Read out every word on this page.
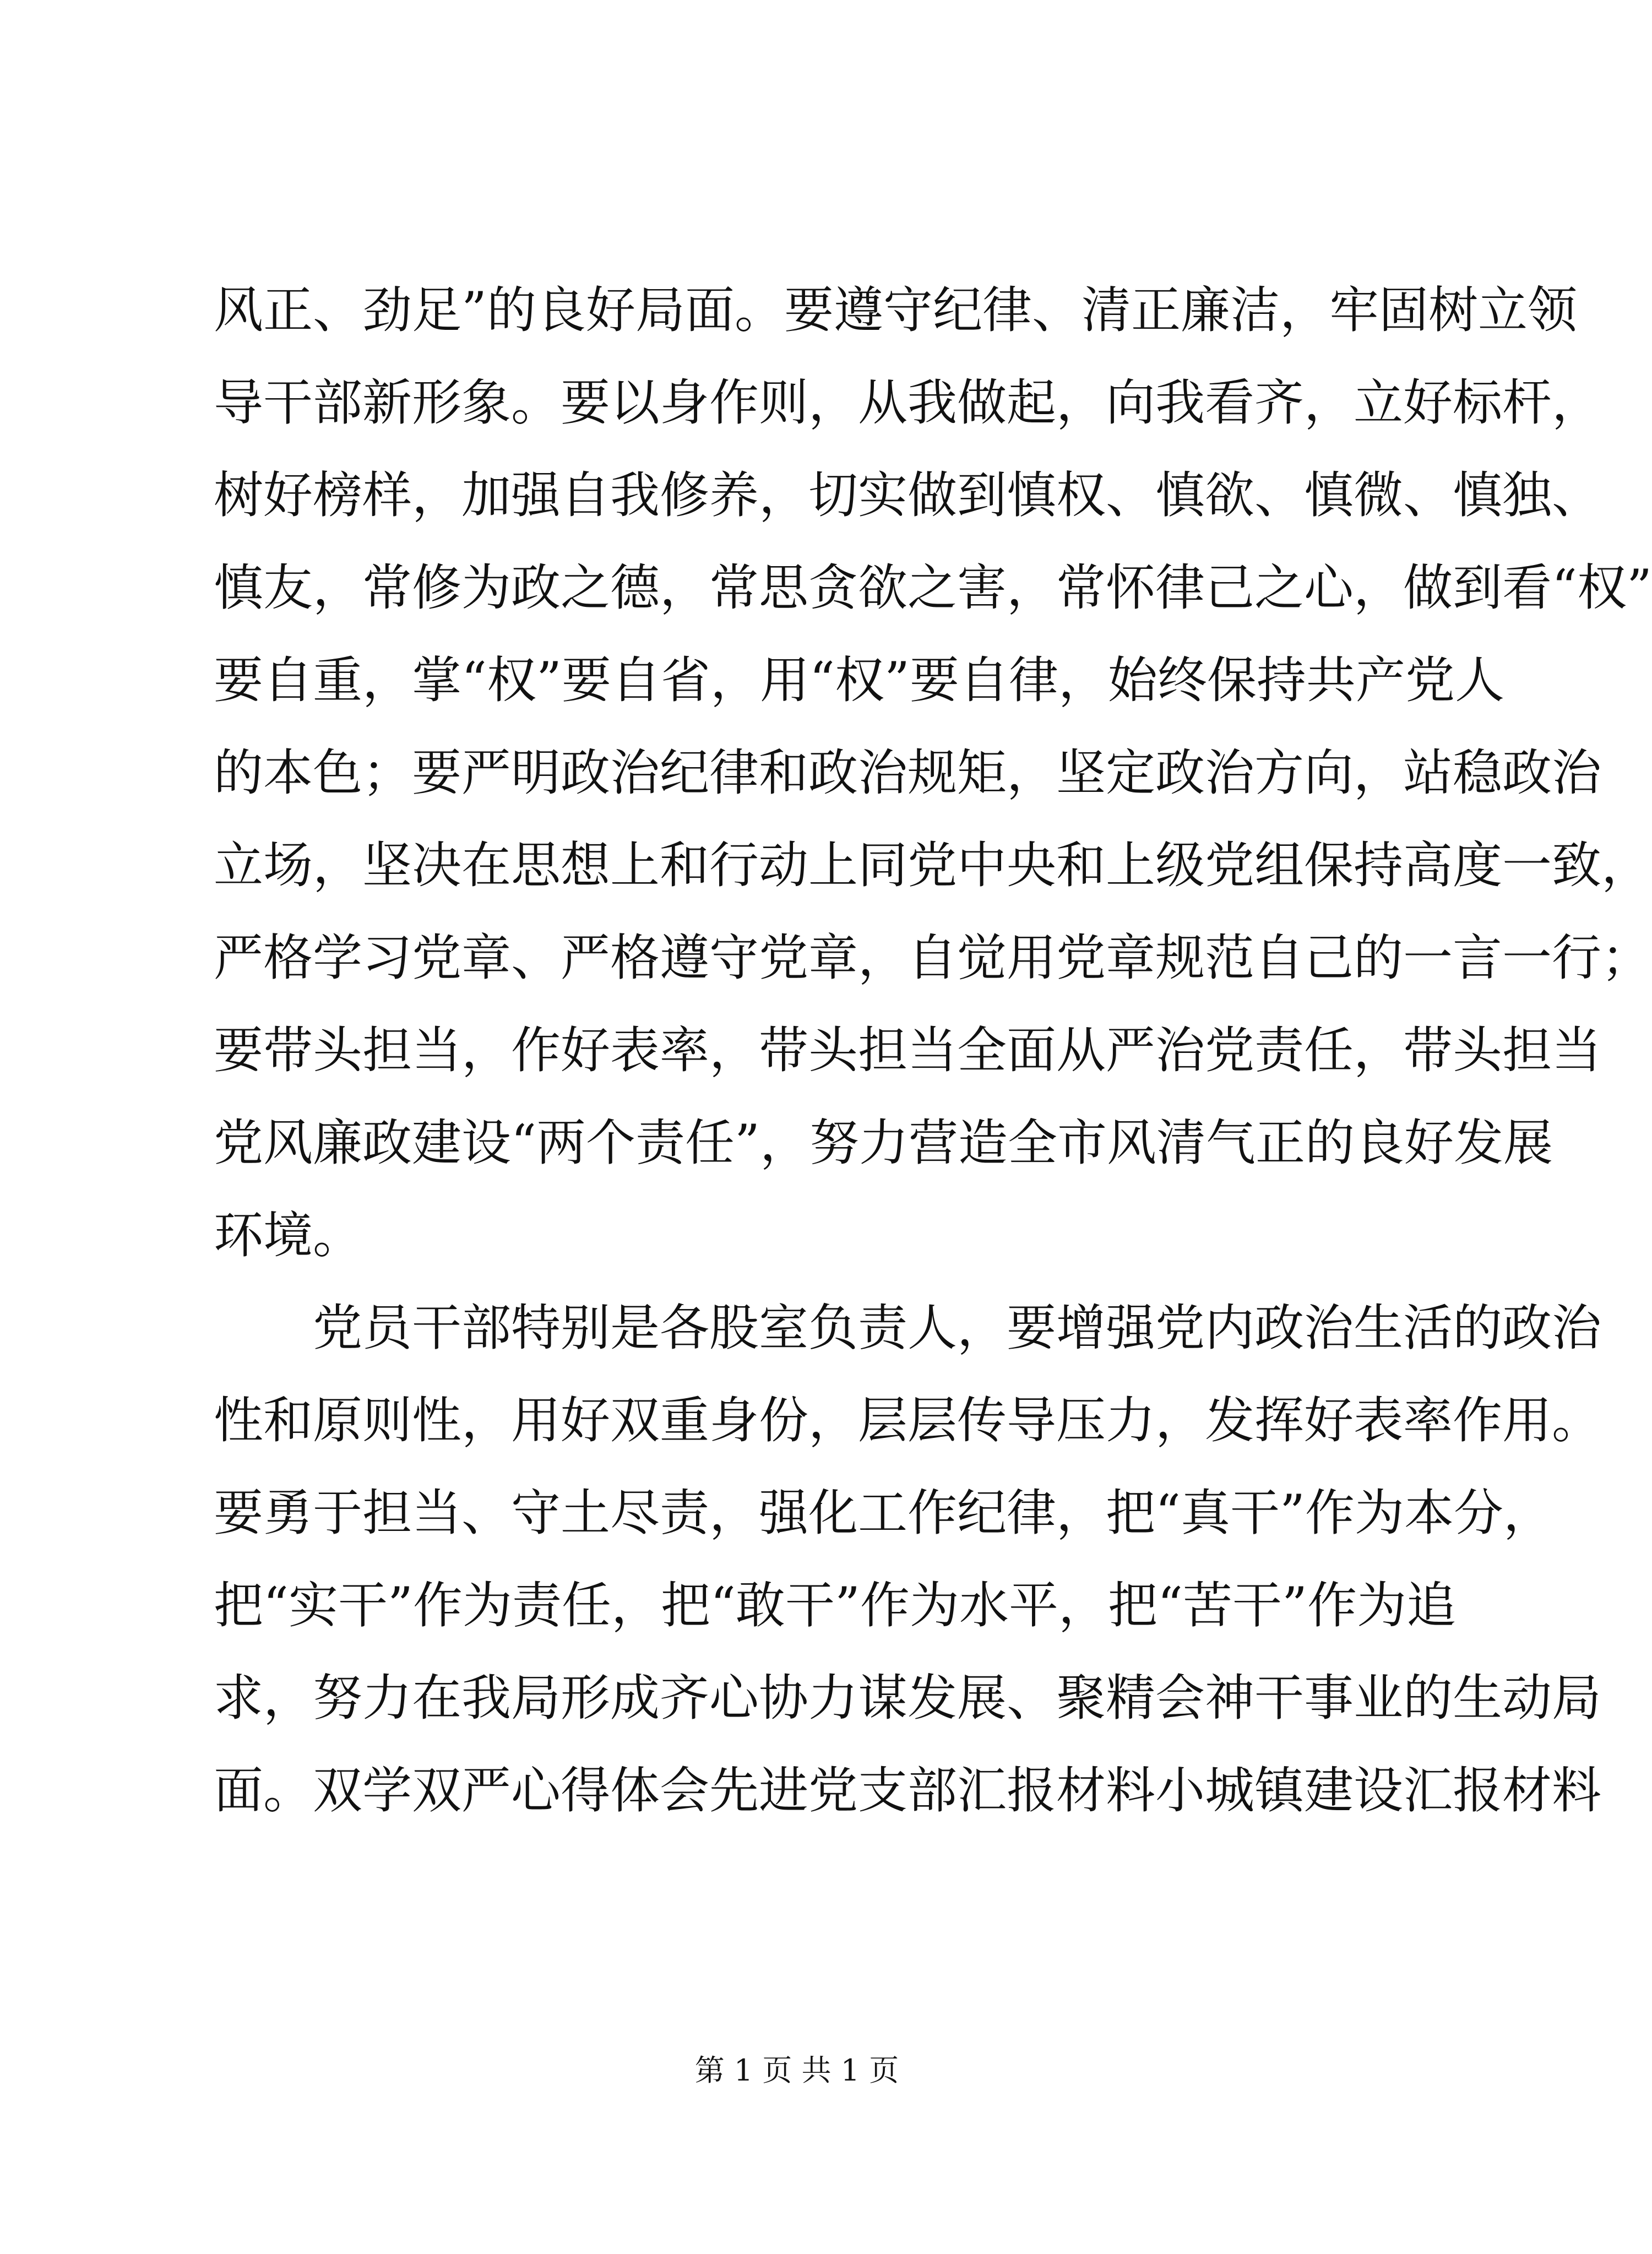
风正、劲足”的良好局面。要遵守纪律、清正廉洁，牢固树立领
导干部新形象。要以身作则，从我做起，向我看齐，立好标杆，
树好榜样，加强自我修养，切实做到慎权、慎欲、慎微、慎独、
慎友，常修为政之德，常思贪欲之害，常怀律己之心，做到看“权”
要自重，掌“权”要自省，用“权”要自律，始终保持共产党人
的本色；要严明政治纪律和政治规矩，坚定政治方向，站稳政治
立场，坚决在思想上和行动上同党中央和上级党组保持高度一致，
严格学习党章、严格遵守党章，自觉用党章规范自己的一言一行；
要带头担当，作好表率，带头担当全面从严治党责任，带头担当
党风廉政建设“两个责任”，努力营造全市风清气正的良好发展
环境。
党员干部特别是各股室负责人，要增强党内政治生活的政治
性和原则性，用好双重身份，层层传导压力，发挥好表率作用。
要勇于担当、守土尽责，强化工作纪律，把“真干”作为本分，
把“实干”作为责任，把“敢干”作为水平，把“苦干”作为追
求，努力在我局形成齐心协力谋发展、聚精会神干事业的生动局
面。双学双严心得体会先进党支部汇报材料小城镇建设汇报材料
第 1 页 共 1 页
